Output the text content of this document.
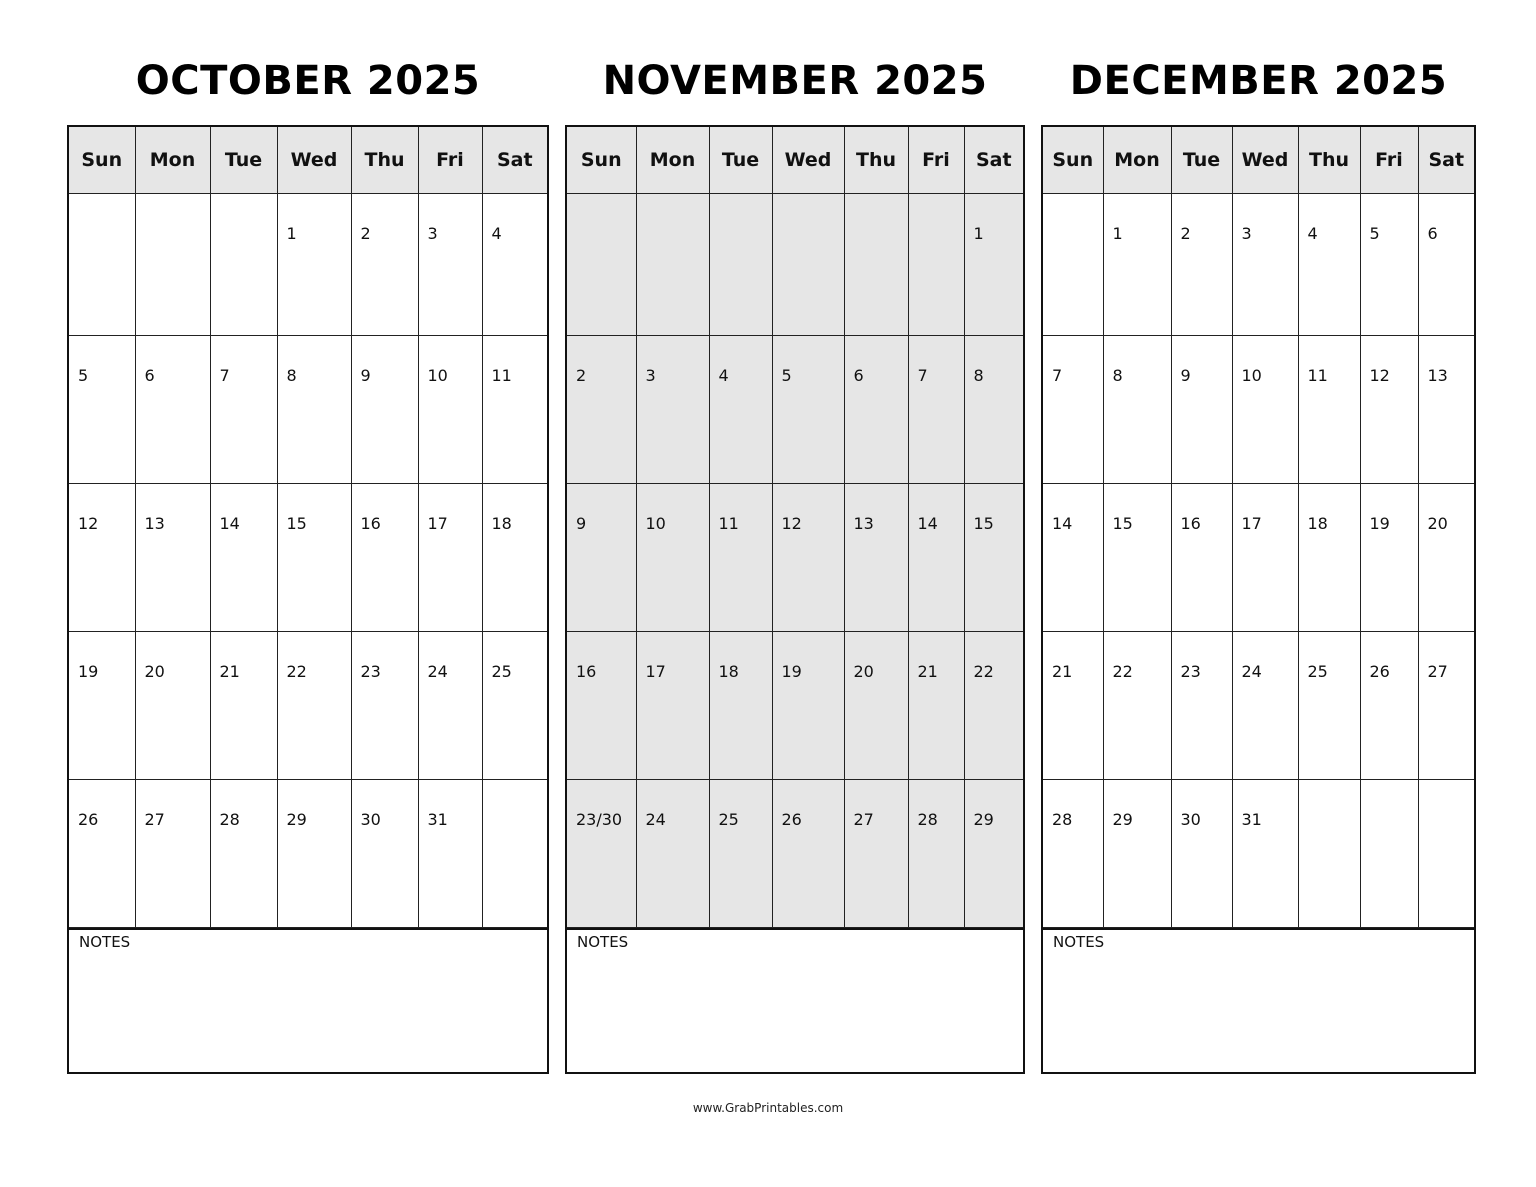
OCTOBER 2025
Sun	Mon	Tue	Wed	Thu	Fri	Sat

			1	2	3	4

5	6	7	8	9	10	11

12	13	14	15	16	17	18

19	20	21	22	23	24	25

26	27	28	29	30	31	

NOTES
NOVEMBER 2025
Sun	Mon	Tue	Wed	Thu	Fri	Sat

						1

2	3	4	5	6	7	8

9	10	11	12	13	14	15

16	17	18	19	20	21	22

23/30	24	25	26	27	28	29
NOTES
DECEMBER 2025
Sun	Mon	Tue	Wed	Thu	Fri	Sat

	1	2	3	4	5	6

7	8	9	10	11	12	13

14	15	16	17	18	19	20

21	22	23	24	25	26	27

28	29	30	31			

NOTES
www.GrabPrintables.com
